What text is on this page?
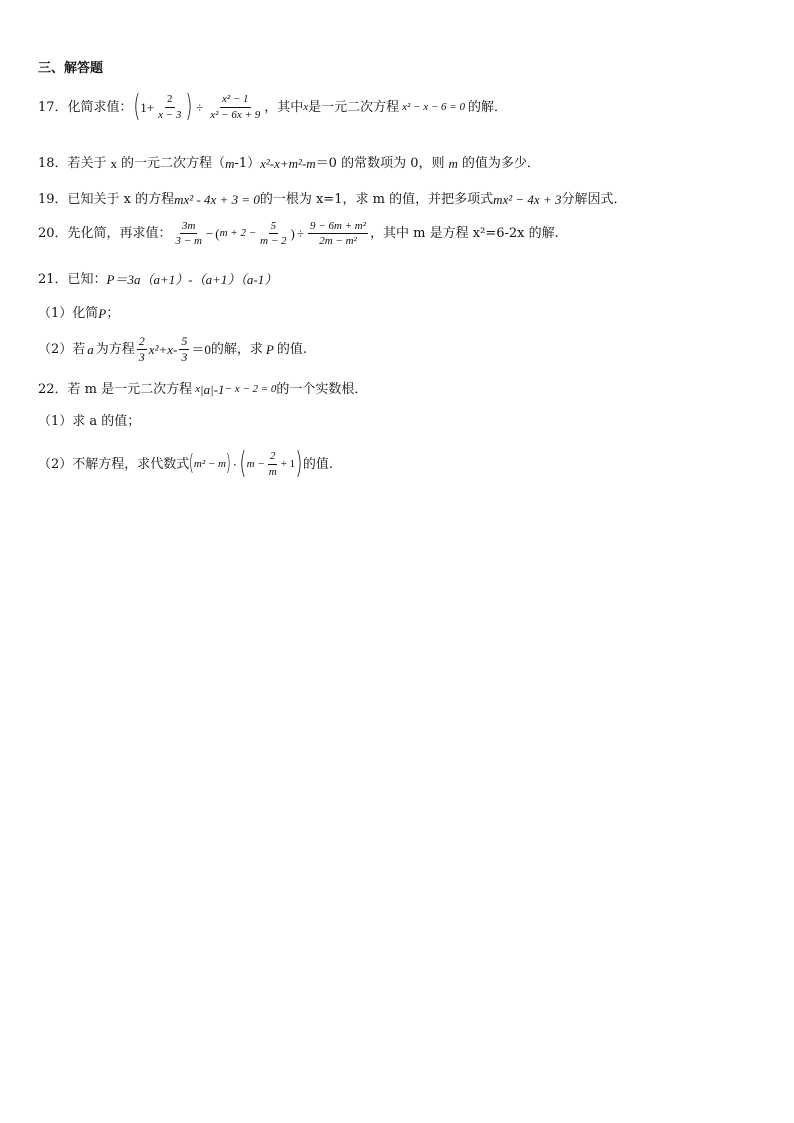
三、解答题
17．化简求值： ( $1 + \frac{2}{x - 3}$ ) ÷ $\frac{\text{x² − 1}}{\text{x² − 6x + 9}}$ ，其中 x 是一元二次方程 x² − x − 6 = 0 的解．
18．若关于 x 的一元二次方程（ m -1） x²-x+m²-m ＝0 的常数项为 0，则 m 的值为多少．
19．已知关于 x 的方程 mx² - 4x + 3 = 0 的一根为 x=1，求 m 的值，并把多项式 mx² − 4x + 3 分解因式．
20．先化简，再求值： $\frac{3m}{3 - m}$ − ( $m + 2 - \frac{5}{m - 2}$ ) ÷ $\frac{\text{9 − 6m + m²}}{\text{2m − m²}}$ ，其中 m 是方程 x²=6-2x 的解.
21．已知： P＝3a（a+1）-（a+1）（a-1）
（1）化简 P ；
（2）若 a 为方程 $\frac{2}{3} x^2+x- \frac{5}{3} =0$ 的解，求 P 的值.
22．若 m 是一元二次方程 x |a|-1 − x − 2 = 0 的一个实数根．
（1）求 a 的值；
（2）不解方程，求代数式 ( m² − m ) · ( $m - \frac{2}{m} + 1$ ) 的值.
